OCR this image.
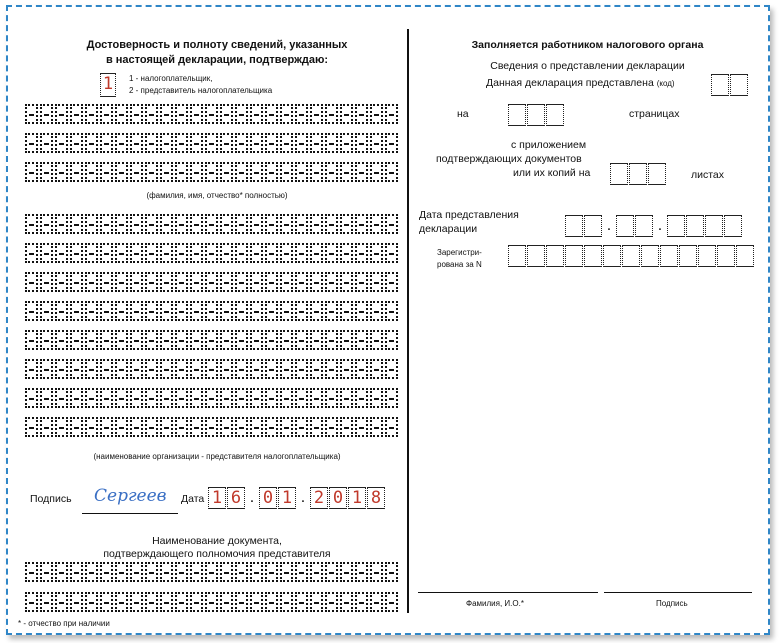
Достоверность и полноту сведений, указанных
в настоящей декларации, подтверждаю:
1	1 - налогоплательщик,
2 - представитель налогоплательщика
(фамилия, имя, отчество* полностью)
(наименование организации - представителя налогоплательщика)
Подпись Сергеев Дата 1 6 . 0 1 . 2 0 1 8
Наименование документа,
подтверждающего полномочия представителя
* - отчество при наличии
Заполняется работником налогового органа
Сведения о представлении декларации
Данная декларация представлена (код)
на	страницах
с приложением
подтверждающих документов
или их копий на	листах
Дата представления
декларации	.	.
Зарегистри-
рована за N
Фамилия, И.О.*	Подпись
